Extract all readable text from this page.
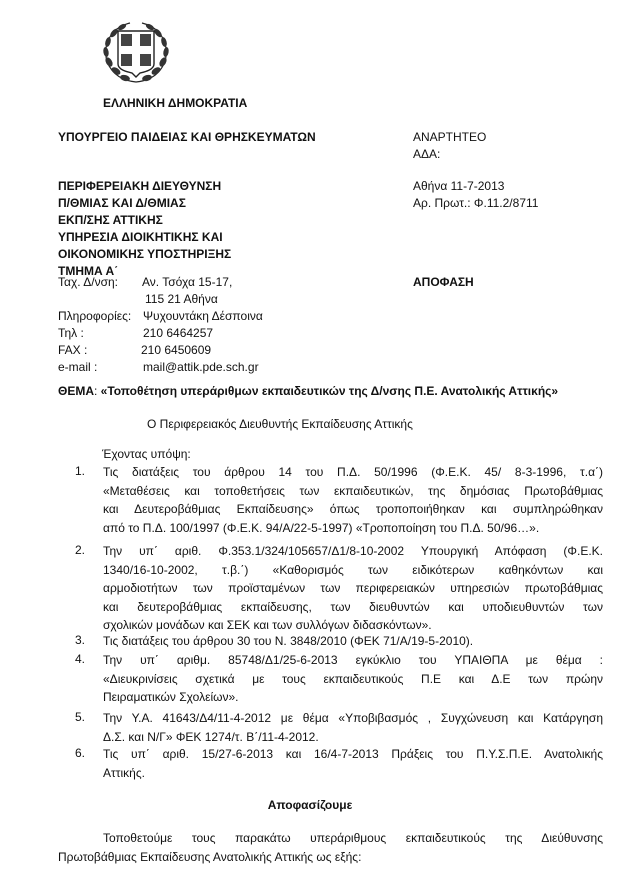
ΕΛΛΗΝΙΚΗ ΔΗΜΟΚΡΑΤΙΑ
ΥΠΟΥΡΓΕΙΟ ΠΑΙΔΕΙΑΣ ΚΑΙ ΘΡΗΣΚΕΥΜΑΤΩΝ
ΠΕΡΙΦΕΡΕΙΑΚΗ ΔΙΕΥΘΥΝΣΗ
Π/ΘΜΙΑΣ ΚΑΙ Δ/ΘΜΙΑΣ
ΕΚΠ/ΣΗΣ ΑΤΤΙΚΗΣ
ΥΠΗΡΕΣΙΑ ΔΙΟΙΚΗΤΙΚΗΣ ΚΑΙ
ΟΙΚΟΝΟΜΙΚΗΣ ΥΠΟΣΤΗΡΙΞΗΣ
ΤΜΗΜΑ Α΄
ΑΝΑΡΤΗΤΕΟ
ΑΔΑ:
Αθήνα 11-7-2013
Αρ. Πρωτ.: Φ.11.2/8711
ΑΠΟΦΑΣΗ
Ταχ. Δ/νση: Αν. Τσόχα 15-17,
115 21 Αθήνα
Πληροφορίες: Ψυχουντάκη Δέσποινα
Τηλ :	210 6464257
FAX :	210 6450609
e-mail :	mail@attik.pde.sch.gr
ΘΕΜΑ: «Τοποθέτηση υπεράριθμων εκπαιδευτικών της Δ/νσης Π.Ε. Ανατολικής Αττικής»
Ο Περιφερειακός Διευθυντής Εκπαίδευσης Αττικής
Έχοντας υπόψη:
1. Τις διατάξεις του άρθρου 14 του Π.Δ. 50/1996 (Φ.Ε.Κ. 45/ 8-3-1996, τ.α΄)
«Μεταθέσεις και τοποθετήσεις των εκπαιδευτικών, της δημόσιας Πρωτοβάθμιας
και Δευτεροβάθμιας Εκπαίδευσης» όπως τροποποιήθηκαν και συμπληρώθηκαν
από το Π.Δ. 100/1997 (Φ.Ε.Κ. 94/Α/22-5-1997) «Τροποποίηση του Π.Δ. 50/96…».
2. Την υπ΄ αριθ. Φ.353.1/324/105657/Δ1/8-10-2002 Υπουργική Απόφαση (Φ.Ε.Κ.
1340/16-10-2002, τ.β.΄) «Καθορισμός των ειδικότερων καθηκόντων και
αρμοδιοτήτων των προϊσταμένων των περιφερειακών υπηρεσιών πρωτοβάθμιας
και δευτεροβάθμιας εκπαίδευσης, των διευθυντών και υποδιευθυντών των
σχολικών μονάδων και ΣΕΚ και των συλλόγων διδασκόντων».
3. Τις διατάξεις του άρθρου 30 του Ν. 3848/2010 (ΦΕΚ 71/Α/19-5-2010).
4. Την υπ΄ αριθμ. 85748/Δ1/25-6-2013 εγκύκλιο του ΥΠΑΙΘΠΑ με θέμα :
«Διευκρινίσεις σχετικά με τους εκπαιδευτικούς Π.Ε και Δ.Ε των πρώην
Πειραματικών Σχολείων».
5. Την Υ.Α. 41643/Δ4/11-4-2012 με θέμα «Υποβιβασμός , Συγχώνευση και Κατάργηση
Δ.Σ. και Ν/Γ» ΦΕΚ 1274/τ. Β΄/11-4-2012.
6. Τις υπ΄ αριθ. 15/27-6-2013 και 16/4-7-2013 Πράξεις του Π.Υ.Σ.Π.Ε. Ανατολικής
Αττικής.
Αποφασίζουμε
Τοποθετούμε τους παρακάτω υπεράριθμους εκπαιδευτικούς της Διεύθυνσης
Πρωτοβάθμιας Εκπαίδευσης Ανατολικής Αττικής ως εξής:
